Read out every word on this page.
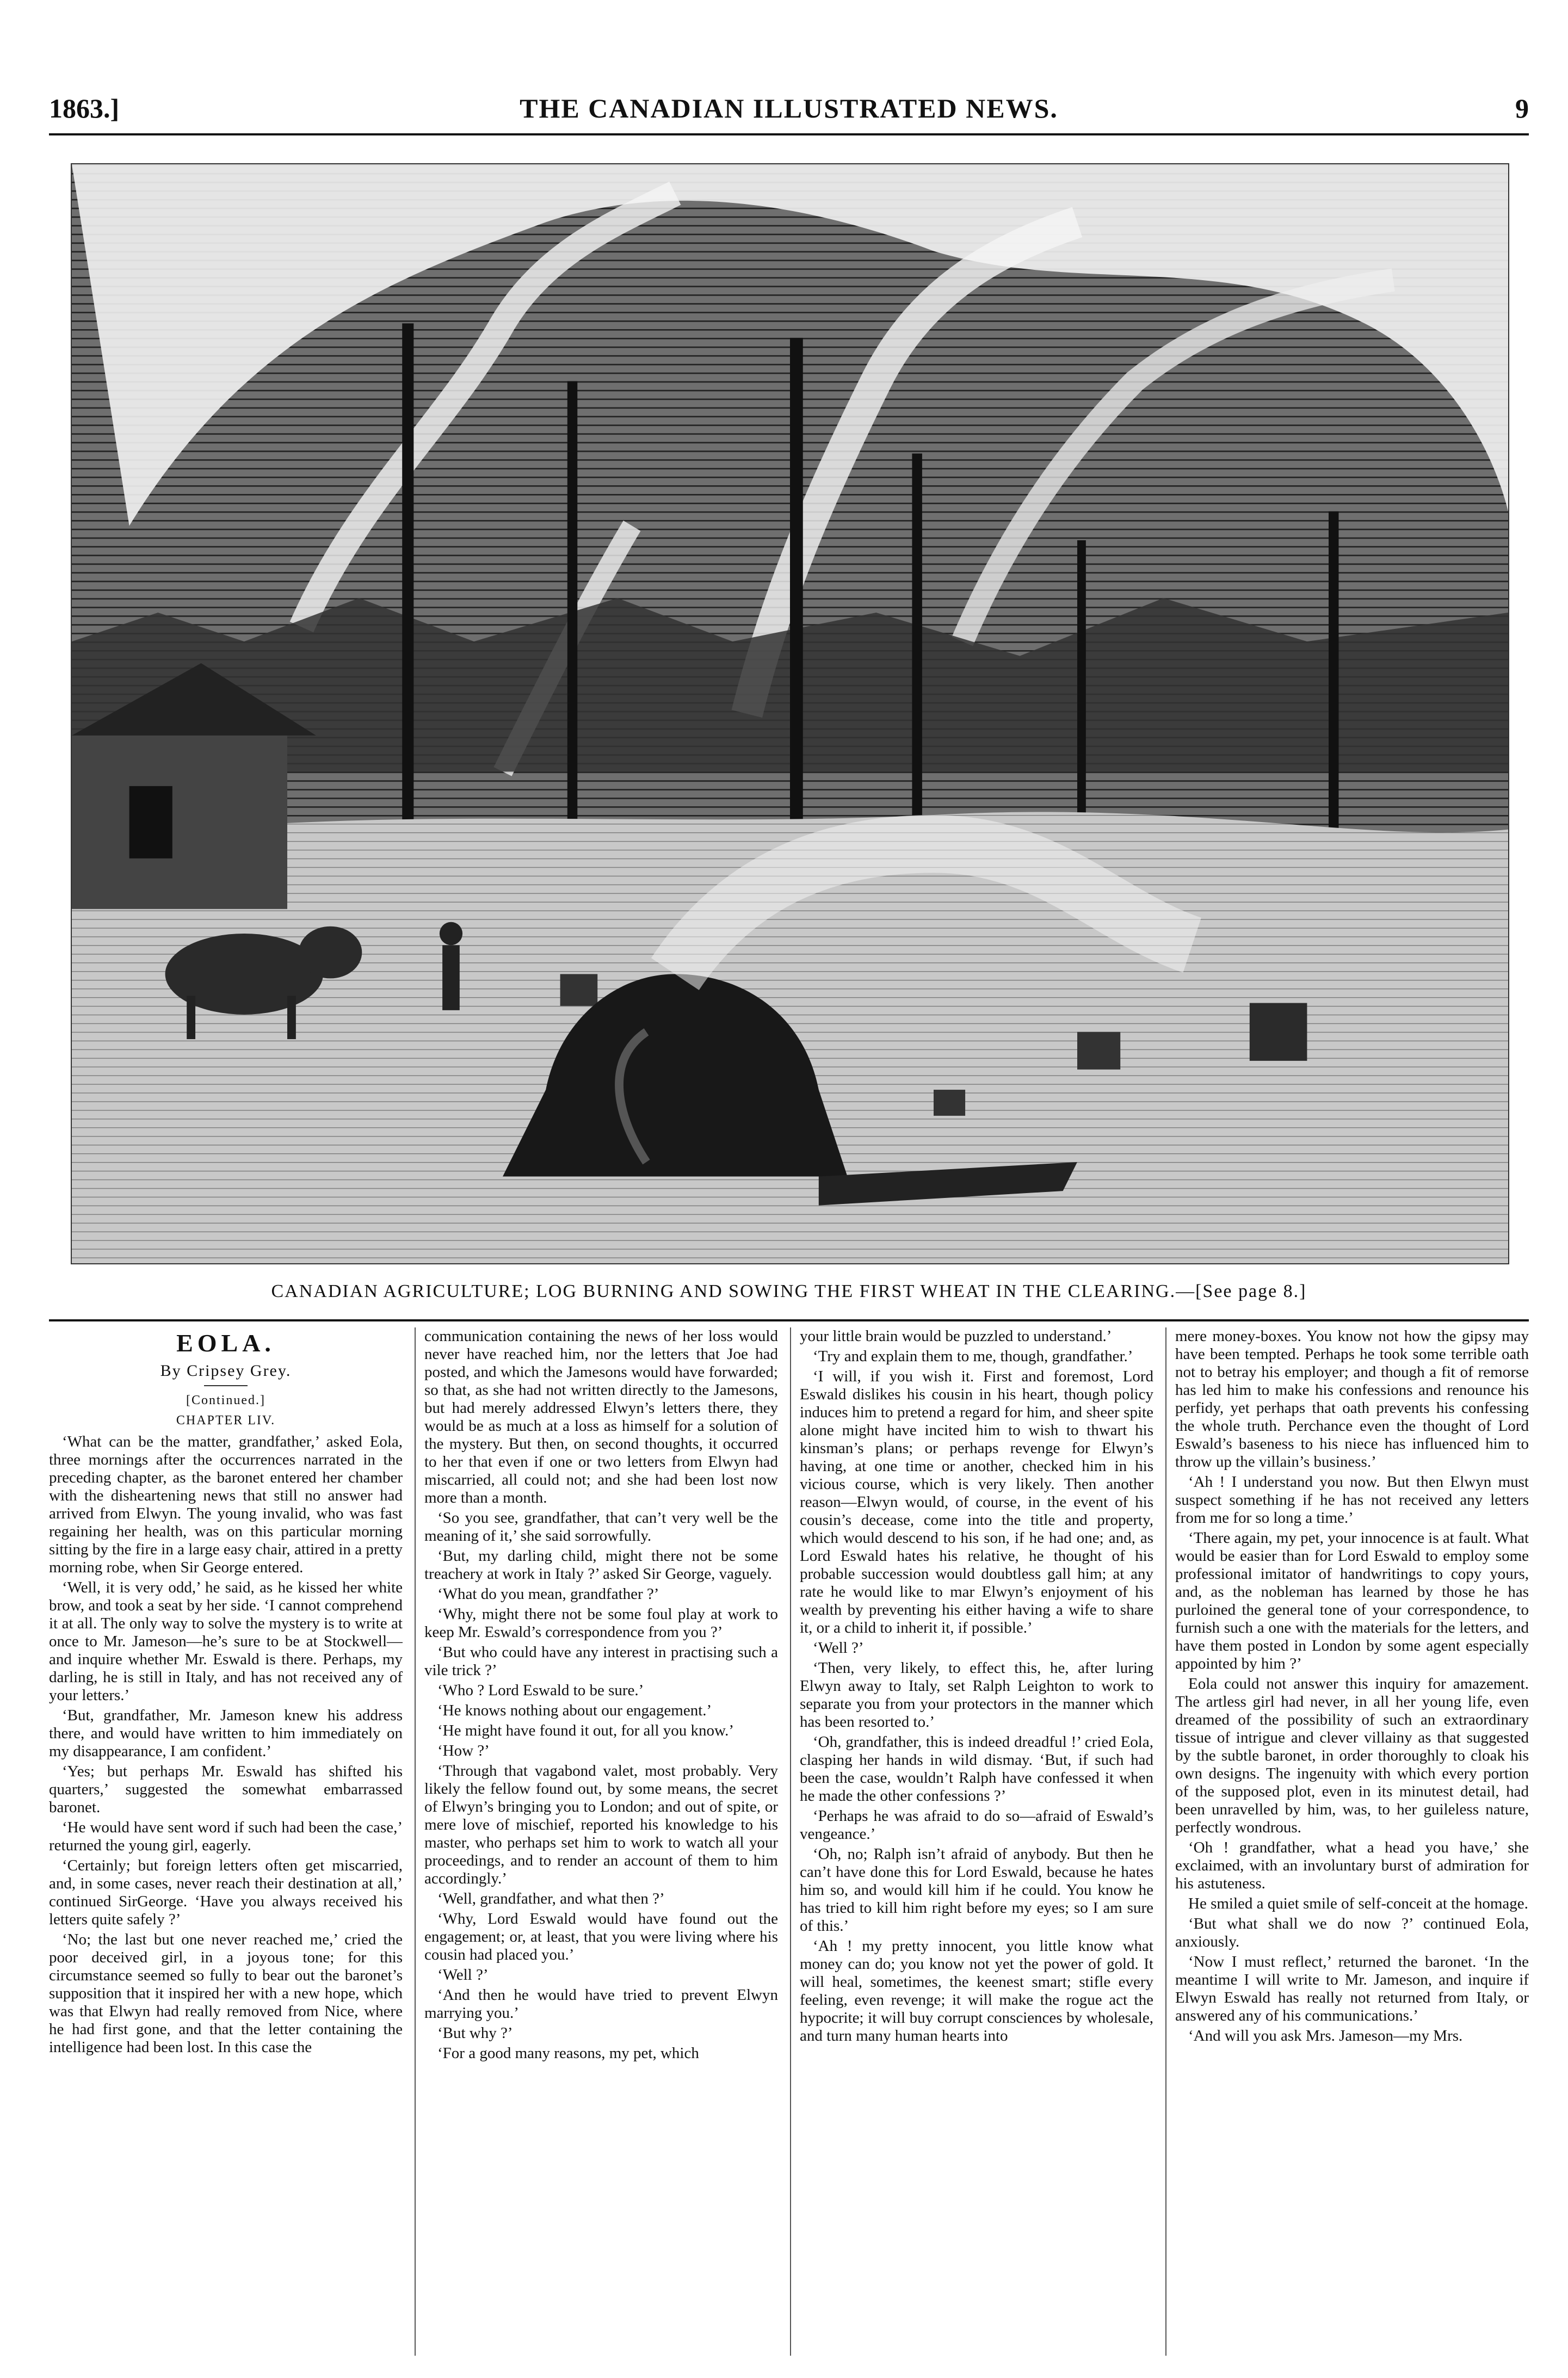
1863.]	THE CANADIAN ILLUSTRATED NEWS.	9
CANADIAN AGRICULTURE; LOG BURNING AND SOWING THE FIRST WHEAT IN THE CLEARING.—[See page 8.]
EOLA.
By Cripsey Grey.
[Continued.]
CHAPTER LIV.

‘What can be the matter, grandfather,’ asked Eola, three mornings after the occurrences narrated in the preceding chapter, as the baronet entered her chamber with the disheartening news that still no answer had arrived from Elwyn. The young invalid, who was fast regaining her health, was on this particular morning sitting by the fire in a large easy chair, attired in a pretty morning robe, when Sir George entered.

‘Well, it is very odd,’ he said, as he kissed her white brow, and took a seat by her side. ‘I cannot comprehend it at all. The only way to solve the mystery is to write at once to Mr. Jameson—he’s sure to be at Stockwell—and inquire whether Mr. Eswald is there. Perhaps, my darling, he is still in Italy, and has not received any of your letters.’

‘But, grandfather, Mr. Jameson knew his address there, and would have written to him immediately on my disappearance, I am confident.’

‘Yes; but perhaps Mr. Eswald has shifted his quarters,’ suggested the somewhat embarrassed baronet.

‘He would have sent word if such had been the case,’ returned the young girl, eagerly.

‘Certainly; but foreign letters often get miscarried, and, in some cases, never reach their destination at all,’ continued SirGeorge. ‘Have you always received his letters quite safely ?’

‘No; the last but one never reached me,’ cried the poor deceived girl, in a joyous tone; for this circumstance seemed so fully to bear out the baronet’s supposition that it inspired her with a new hope, which was that Elwyn had really removed from Nice, where he had first gone, and that the letter containing the intelligence had been lost. In this case the

communication containing the news of her loss would never have reached him, nor the letters that Joe had posted, and which the Jamesons would have forwarded; so that, as she had not written directly to the Jamesons, but had merely addressed Elwyn’s letters there, they would be as much at a loss as himself for a solution of the mystery. But then, on second thoughts, it occurred to her that even if one or two letters from Elwyn had miscarried, all could not; and she had been lost now more than a month.

‘So you see, grandfather, that can’t very well be the meaning of it,’ she said sorrowfully.

‘But, my darling child, might there not be some treachery at work in Italy ?’ asked Sir George, vaguely.

‘What do you mean, grandfather ?’

‘Why, might there not be some foul play at work to keep Mr. Eswald’s correspondence from you ?’

‘But who could have any interest in practising such a vile trick ?’

‘Who ? Lord Eswald to be sure.’

‘He knows nothing about our engagement.’

‘He might have found it out, for all you know.’

‘How ?’

‘Through that vagabond valet, most probably. Very likely the fellow found out, by some means, the secret of Elwyn’s bringing you to London; and out of spite, or mere love of mischief, reported his knowledge to his master, who perhaps set him to work to watch all your proceedings, and to render an account of them to him accordingly.’

‘Well, grandfather, and what then ?’

‘Why, Lord Eswald would have found out the engagement; or, at least, that you were living where his cousin had placed you.’

‘Well ?’

‘And then he would have tried to prevent Elwyn marrying you.’

‘But why ?’

‘For a good many reasons, my pet, which

your little brain would be puzzled to understand.’

‘Try and explain them to me, though, grandfather.’

‘I will, if you wish it. First and foremost, Lord Eswald dislikes his cousin in his heart, though policy induces him to pretend a regard for him, and sheer spite alone might have incited him to wish to thwart his kinsman’s plans; or perhaps revenge for Elwyn’s having, at one time or another, checked him in his vicious course, which is very likely. Then another reason—Elwyn would, of course, in the event of his cousin’s decease, come into the title and property, which would descend to his son, if he had one; and, as Lord Eswald hates his relative, he thought of his probable succession would doubtless gall him; at any rate he would like to mar Elwyn’s enjoyment of his wealth by preventing his either having a wife to share it, or a child to inherit it, if possible.’

‘Well ?’

‘Then, very likely, to effect this, he, after luring Elwyn away to Italy, set Ralph Leighton to work to separate you from your protectors in the manner which has been resorted to.’

‘Oh, grandfather, this is indeed dreadful !’ cried Eola, clasping her hands in wild dismay. ‘But, if such had been the case, wouldn’t Ralph have confessed it when he made the other confessions ?’

‘Perhaps he was afraid to do so—afraid of Eswald’s vengeance.’

‘Oh, no; Ralph isn’t afraid of anybody. But then he can’t have done this for Lord Eswald, because he hates him so, and would kill him if he could. You know he has tried to kill him right before my eyes; so I am sure of this.’

‘Ah ! my pretty innocent, you little know what money can do; you know not yet the power of gold. It will heal, sometimes, the keenest smart; stifle every feeling, even revenge; it will make the rogue act the hypocrite; it will buy corrupt consciences by wholesale, and turn many human hearts into

mere money-boxes. You know not how the gipsy may have been tempted. Perhaps he took some terrible oath not to betray his employer; and though a fit of remorse has led him to make his confessions and renounce his perfidy, yet perhaps that oath prevents his confessing the whole truth. Perchance even the thought of Lord Eswald’s baseness to his niece has influenced him to throw up the villain’s business.’

‘Ah ! I understand you now. But then Elwyn must suspect something if he has not received any letters from me for so long a time.’

‘There again, my pet, your innocence is at fault. What would be easier than for Lord Eswald to employ some professional imitator of handwritings to copy yours, and, as the nobleman has learned by those he has purloined the general tone of your correspondence, to furnish such a one with the materials for the letters, and have them posted in London by some agent especially appointed by him ?’

Eola could not answer this inquiry for amazement. The artless girl had never, in all her young life, even dreamed of the possibility of such an extraordinary tissue of intrigue and clever villainy as that suggested by the subtle baronet, in order thoroughly to cloak his own designs. The ingenuity with which every portion of the supposed plot, even in its minutest detail, had been unravelled by him, was, to her guileless nature, perfectly wondrous.

‘Oh ! grandfather, what a head you have,’ she exclaimed, with an involuntary burst of admiration for his astuteness.

He smiled a quiet smile of self-conceit at the homage.

‘But what shall we do now ?’ continued Eola, anxiously.

‘Now I must reflect,’ returned the baronet. ‘In the meantime I will write to Mr. Jameson, and inquire if Elwyn Eswald has really not returned from Italy, or answered any of his communications.’

‘And will you ask Mrs. Jameson—my Mrs.
